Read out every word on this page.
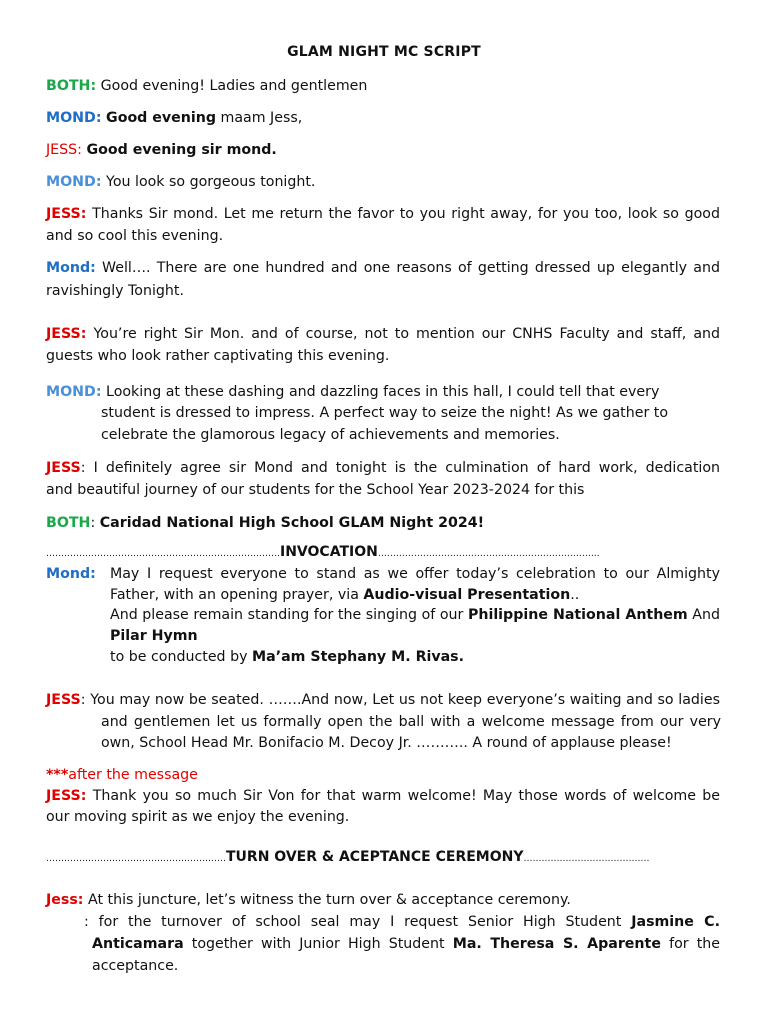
GLAM NIGHT MC SCRIPT
BOTH: Good evening! Ladies and gentlemen
MOND: Good evening maam Jess,
JESS: Good evening sir mond.
MOND: You look so gorgeous tonight.
JESS: Thanks Sir mond. Let me return the favor to you right away, for you too, look so good
and so cool this evening.
Mond: Well…. There are one hundred and one reasons of getting dressed up elegantly and
ravishingly Tonight.
JESS: You’re right Sir Mon. and of course, not to mention our CNHS Faculty and staff, and
guests who look rather captivating this evening.
MOND: Looking at these dashing and dazzling faces in this hall, I could tell that every
student is dressed to impress. A perfect way to seize the night! As we gather to
celebrate the glamorous legacy of achievements and memories.
JESS: I definitely agree sir Mond and tonight is the culmination of hard work, dedication
and beautiful journey of our students for the School Year 2023-2024 for this
BOTH: Caridad National High School GLAM Night 2024!
……………………………………………………………………INVOCATION………………………………………………………………..
Mond: May I request everyone to stand as we offer today’s celebration to our Almighty
Father, with an opening prayer, via Audio-visual Presentation..
And please remain standing for the singing of our Philippine National Anthem And
Pilar Hymn
to be conducted by Ma’am Stephany M. Rivas.
JESS: You may now be seated. …….And now, Let us not keep everyone’s waiting and so ladies
and gentlemen let us formally open the ball with a welcome message from our very
own, School Head Mr. Bonifacio M. Decoy Jr. ……….. A round of applause please!
***after the message
JESS: Thank you so much Sir Von for that warm welcome! May those words of welcome be
our moving spirit as we enjoy the evening.
……………………………………………………TURN OVER & ACEPTANCE CEREMONY……………………………………
Jess: At this juncture, let’s witness the turn over & acceptance ceremony.
: for the turnover of school seal may I request Senior High Student Jasmine C.
Anticamara together with Junior High Student Ma. Theresa S. Aparente for the
acceptance.
